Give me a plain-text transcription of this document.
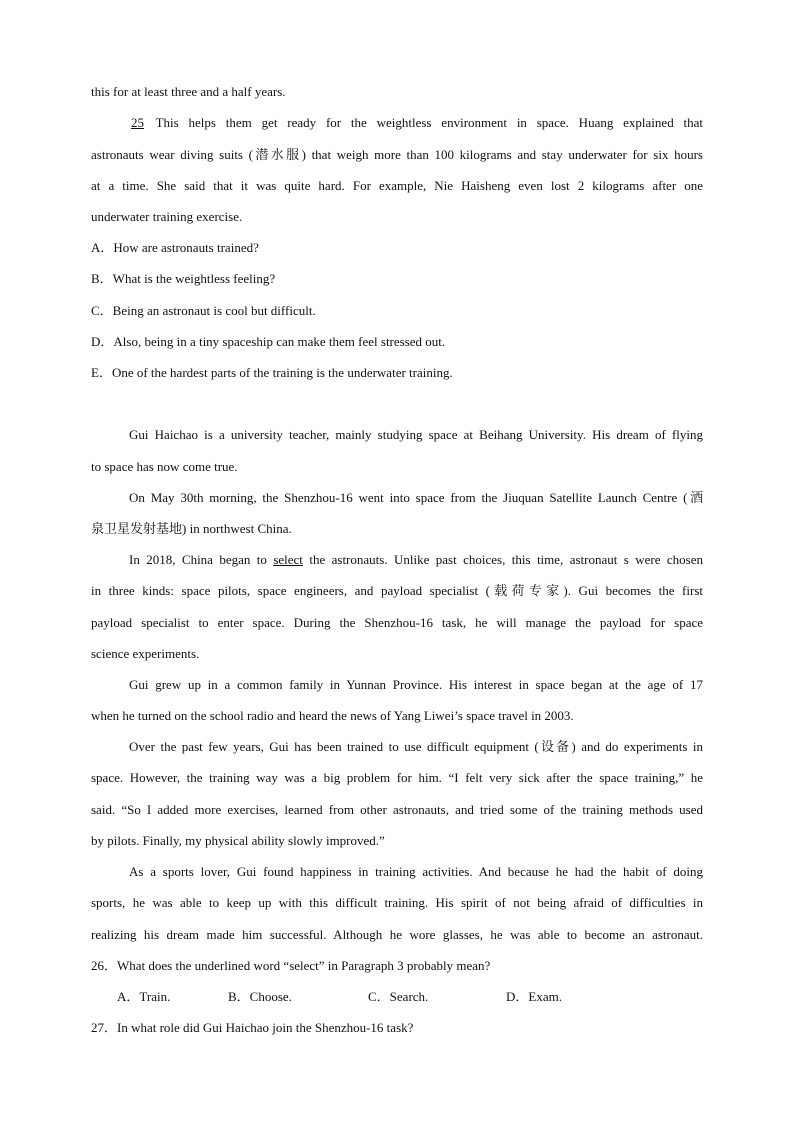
this for at least three and a half years.
25 This helps them get ready for the weightless environment in space. Huang explained that
astronauts wear diving suits (潜水服) that weigh more than 100 kilograms and stay underwater for six hours
at a time. She said that it was quite hard. For example, Nie Haisheng even lost 2 kilograms after one
underwater training exercise.
A．How are astronauts trained?
B．What is the weightless feeling?
C．Being an astronaut is cool but difficult.
D．Also, being in a tiny spaceship can make them feel stressed out.
E．One of the hardest parts of the training is the underwater training.
Gui Haichao is a university teacher, mainly studying space at Beihang University. His dream of flying
to space has now come true.
On May 30th morning, the Shenzhou-16 went into space from the Jiuquan Satellite Launch Centre (酒
泉卫星发射基地) in northwest China.
In 2018, China began to select the astronauts. Unlike past choices, this time, astronaut s were chosen
in three kinds: space pilots, space engineers, and payload specialist (载荷专家). Gui becomes the first
payload specialist to enter space. During the Shenzhou-16 task, he will manage the payload for space
science experiments.
Gui grew up in a common family in Yunnan Province. His interest in space began at the age of 17
when he turned on the school radio and heard the news of Yang Liwei’s space travel in 2003.
Over the past few years, Gui has been trained to use difficult equipment (设备) and do experiments in
space. However, the training way was a big problem for him. “I felt very sick after the space training,” he
said. “So I added more exercises, learned from other astronauts, and tried some of the training methods used
by pilots. Finally, my physical ability slowly improved.”
As a sports lover, Gui found happiness in training activities. And because he had the habit of doing
sports, he was able to keep up with this difficult training. His spirit of not being afraid of difficulties in
realizing his dream made him successful. Although he wore glasses, he was able to become an astronaut.
26．What does the underlined word “select” in Paragraph 3 probably mean?
A．Train.	B．Choose.	C．Search.	D．Exam.
27．In what role did Gui Haichao join the Shenzhou-16 task?
